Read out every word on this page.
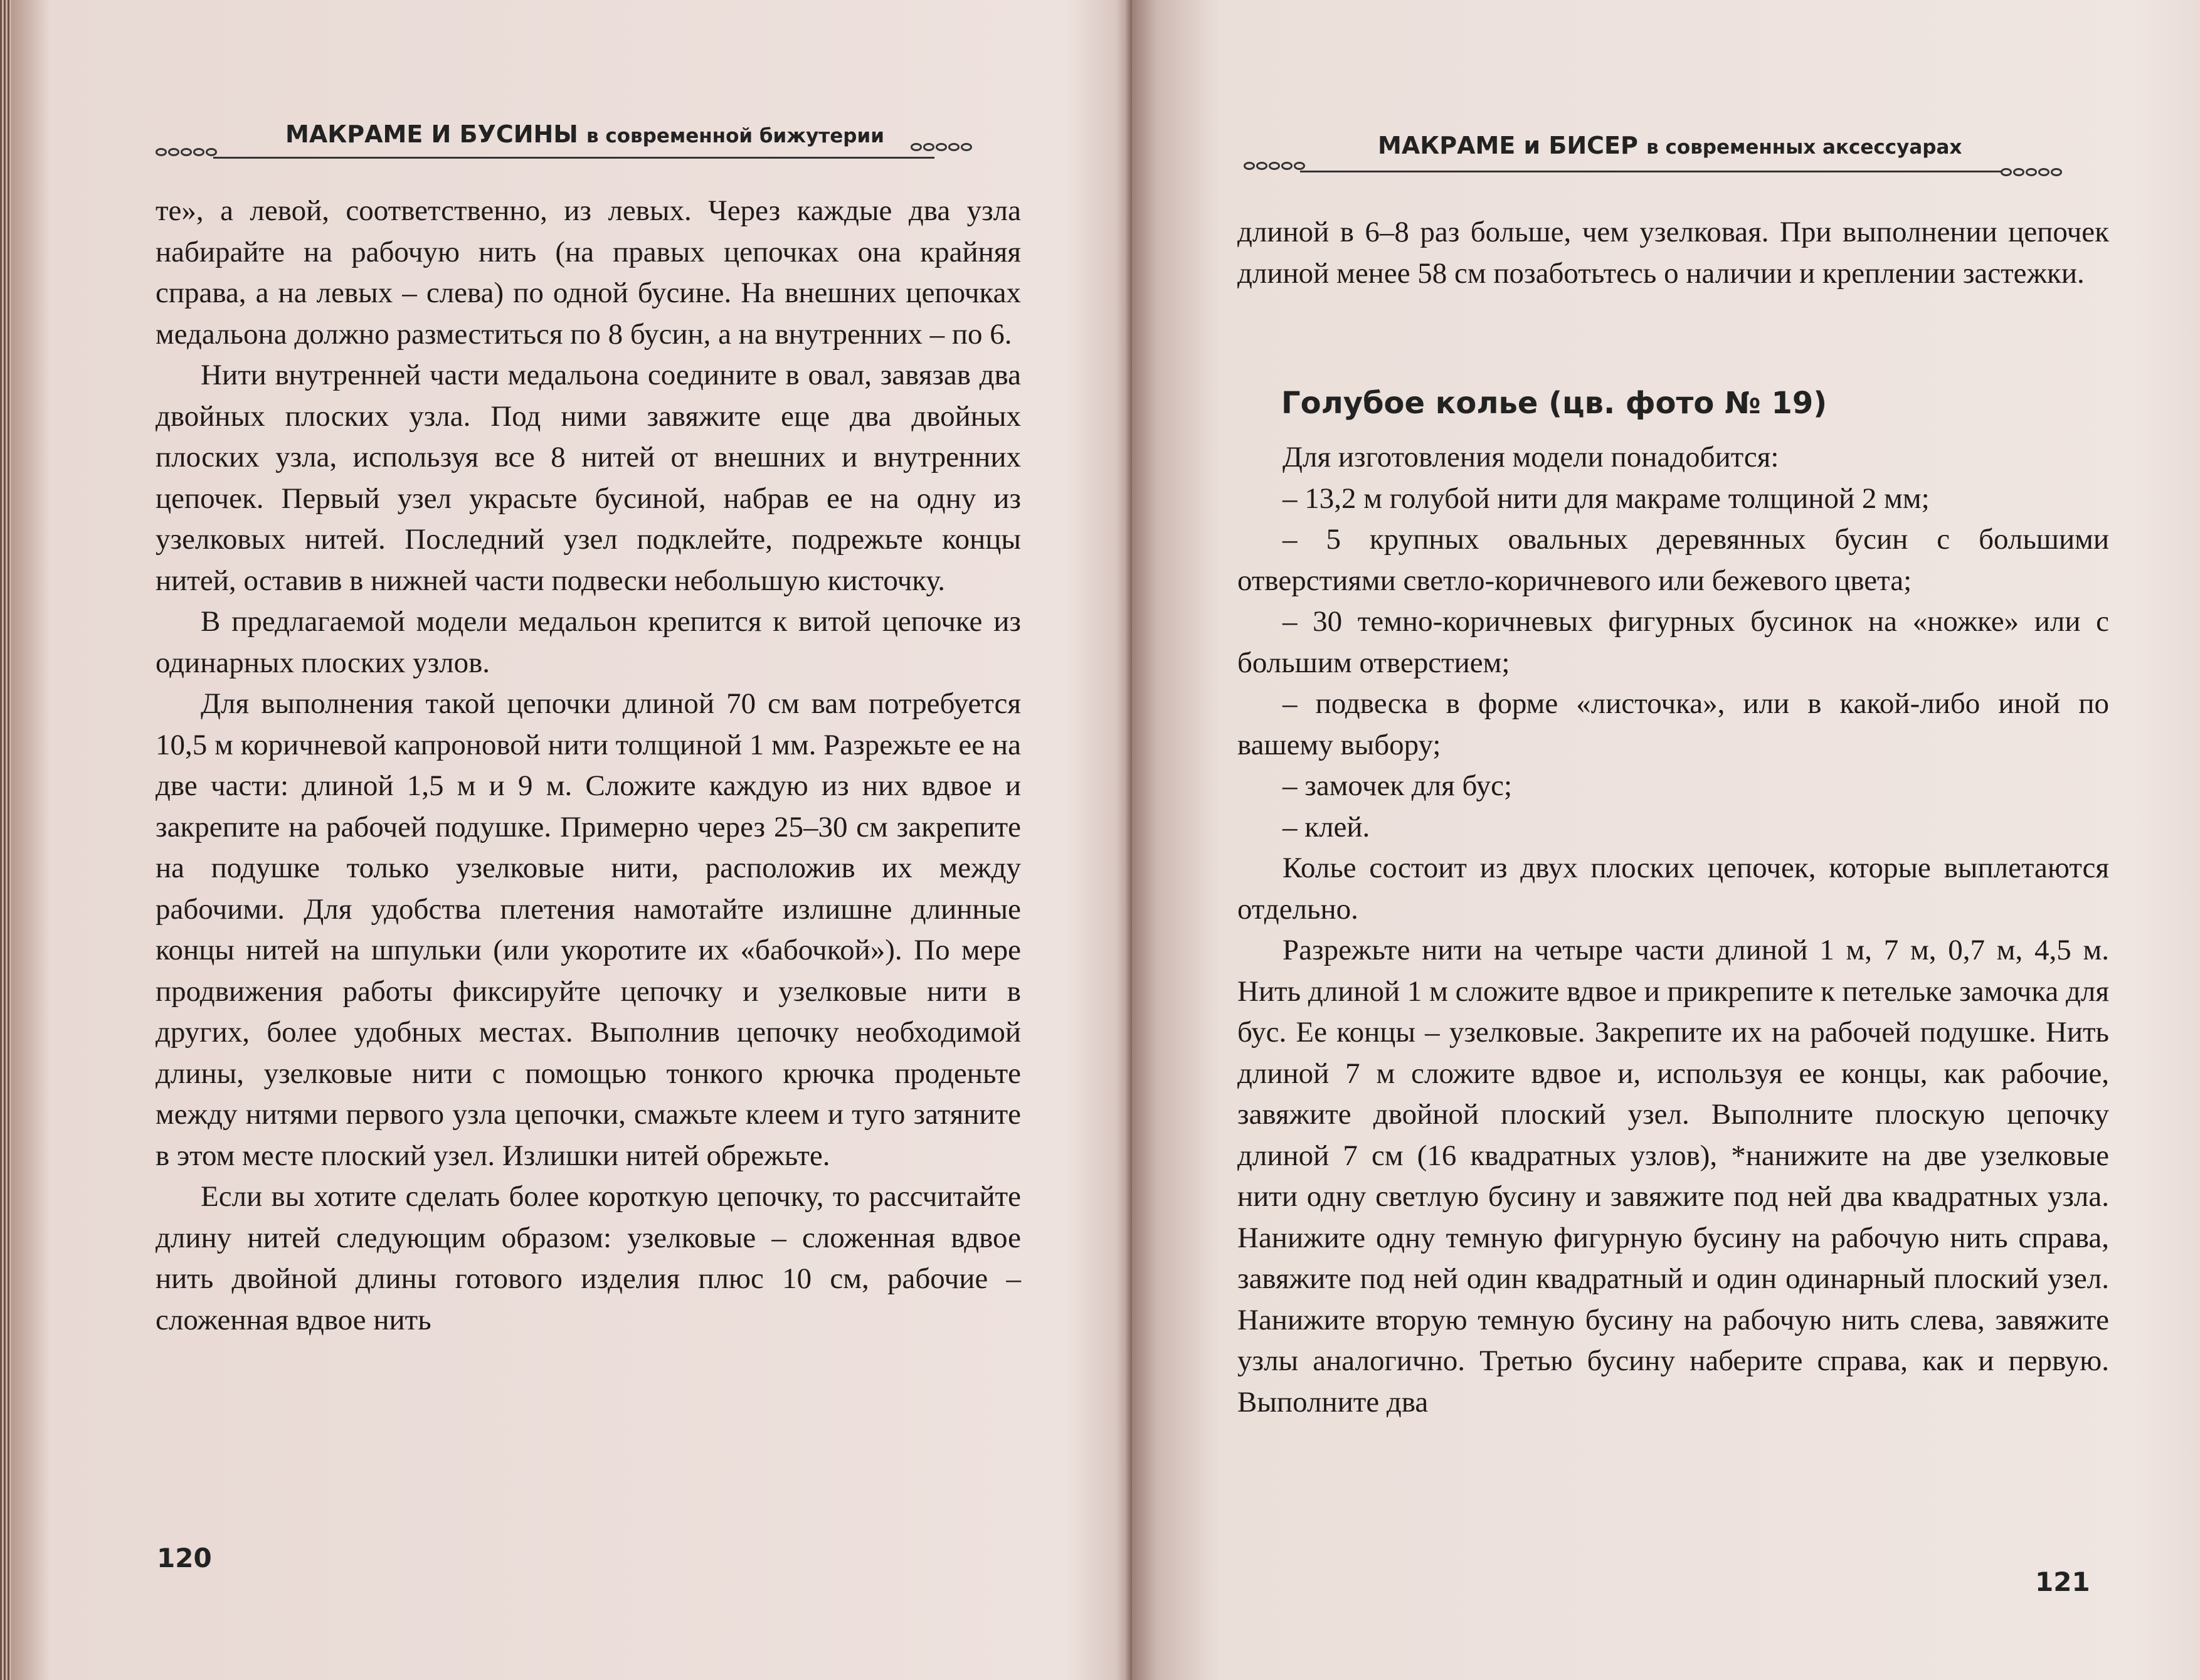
МАКРАМЕ И БУСИНЫ в современной бижутерии

те», а левой, соответственно, из левых. Через каждые два узла набирайте на рабочую нить (на правых цепочках она крайняя справа, а на левых – слева) по одной бусине. На внешних цепочках медальона должно разместиться по 8 бусин, а на внутренних – по 6.

Нити внутренней части медальона соедините в овал, завязав два двойных плоских узла. Под ними завяжите еще два двойных плоских узла, используя все 8 нитей от внешних и внутренних цепочек. Первый узел украсьте бусиной, набрав ее на одну из узелковых нитей. Последний узел подклейте, подрежьте концы нитей, оставив в нижней части подвески небольшую кисточку.

В предлагаемой модели медальон крепится к витой цепочке из одинарных плоских узлов.

Для выполнения такой цепочки длиной 70 см вам потребуется 10,5 м коричневой капроновой нити толщиной 1 мм. Разрежьте ее на две части: длиной 1,5 м и 9 м. Сложите каждую из них вдвое и закрепите на рабочей подушке. Примерно через 25–30 см закрепите на подушке только узелковые нити, расположив их между рабочими. Для удобства плетения намотайте излишне длинные концы нитей на шпульки (или укоротите их «бабочкой»). По мере продвижения работы фиксируйте цепочку и узелковые нити в других, более удобных местах. Выполнив цепочку необходимой длины, узелковые нити с помощью тонкого крючка проденьте между нитями первого узла цепочки, смажьте клеем и туго затяните в этом месте плоский узел. Излишки нитей обрежьте.

Если вы хотите сделать более короткую цепочку, то рассчитайте длину нитей следующим образом: узелковые – сложенная вдвое нить двойной длины готового изделия плюс 10 см, рабочие – сложенная вдвое нить

120
МАКРАМЕ и БИСЕР в современных аксессуарах

длиной в 6–8 раз больше, чем узелковая. При выполнении цепочек длиной менее 58 см позаботьтесь о наличии и креплении застежки.

Голубое колье (цв. фото № 19)

Для изготовления модели понадобится:

– 13,2 м голубой нити для макраме толщиной 2 мм;

– 5 крупных овальных деревянных бусин с большими отверстиями светло-коричневого или бежевого цвета;

– 30 темно-коричневых фигурных бусинок на «ножке» или с большим отверстием;

– подвеска в форме «листочка», или в какой-либо иной по вашему выбору;

– замочек для бус;

– клей.

Колье состоит из двух плоских цепочек, которые выплетаются отдельно.

Разрежьте нити на четыре части длиной 1 м, 7 м, 0,7 м, 4,5 м. Нить длиной 1 м сложите вдвое и прикрепите к петельке замочка для бус. Ее концы – узелковые. Закрепите их на рабочей подушке. Нить длиной 7 м сложите вдвое и, используя ее концы, как рабочие, завяжите двойной плоский узел. Выполните плоскую цепочку длиной 7 см (16 квадратных узлов), *нанижите на две узелковые нити одну светлую бусину и завяжите под ней два квадратных узла. Нанижите одну темную фигурную бусину на рабочую нить справа, завяжите под ней один квадратный и один одинарный плоский узел. Нанижите вторую темную бусину на рабочую нить слева, завяжите узлы аналогично. Третью бусину наберите справа, как и первую. Выполните два

121
